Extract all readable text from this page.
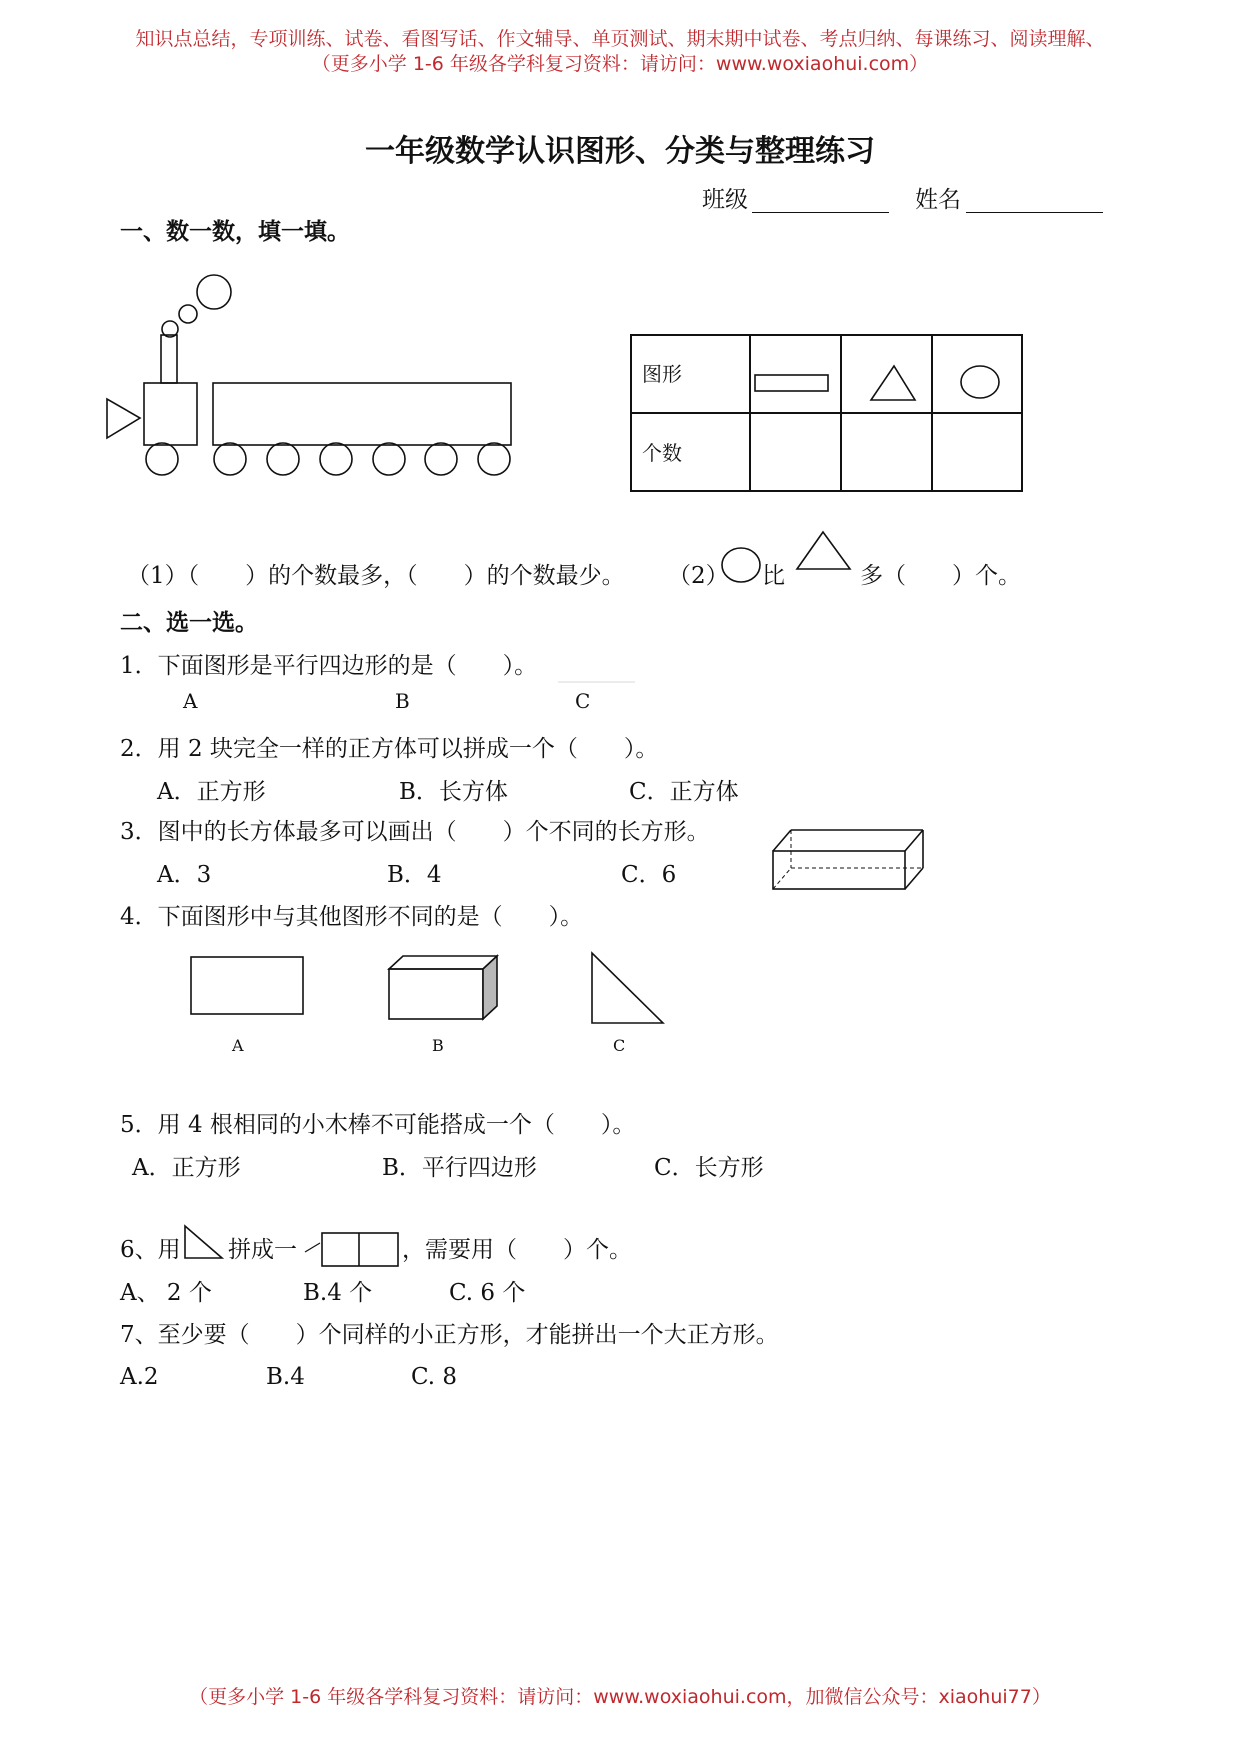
知识点总结，专项训练、试卷、看图写话、作文辅导、单页测试、期末期中试卷、考点归纳、每课练习、阅读理解、
（更多小学 1-6 年级各学科复习资料：请访问：www.woxiaohui.com）
一年级数学认识图形、分类与整理练习
班级	姓名
一、数一数，填一填。
图形
个数
（1）（　　）的个数最多，（　　）的个数最少。 （2） 比	多（　　）个。
二、选一选。
1．下面图形是平行四边形的是（　　）。
A	B	C
2．用 2 块完全一样的正方体可以拼成一个（　　）。
A．正方形	B．长方体	C．正方体
3．图中的长方体最多可以画出（　　）个不同的长方形。
A．3	B．4	C．6
4．下面图形中与其他图形不同的是（　　）。
A	B	C
5．用 4 根相同的小木棒不可能搭成一个（　　）。
A．正方形	B．平行四边形	C．长方形
6、用 拼成一	，需要用（　　）个。
A、 2 个	B.4 个	C. 6 个
7、至少要（　　）个同样的小正方形，才能拼出一个大正方形。
A.2	B.4	C. 8
（更多小学 1-6 年级各学科复习资料：请访问：www.woxiaohui.com，加微信公众号：xiaohui77）
